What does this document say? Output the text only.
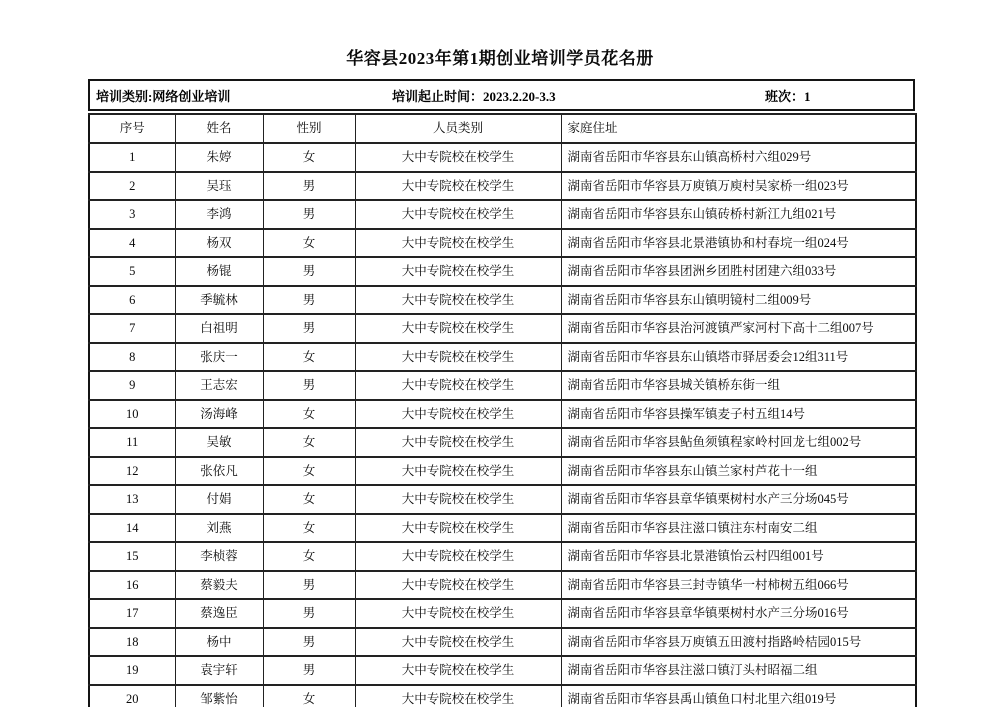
华容县2023年第1期创业培训学员花名册
培训类别:网络创业培训	培训起止时间：2023.2.20-3.3	班次：1
序号	姓名	性别	人员类别	家庭住址
1	朱婷	女	大中专院校在校学生	湖南省岳阳市华容县东山镇高桥村六组029号
2	吴珏	男	大中专院校在校学生	湖南省岳阳市华容县万庾镇万庾村吴家桥一组023号
3	李鸿	男	大中专院校在校学生	湖南省岳阳市华容县东山镇砖桥村新江九组021号
4	杨双	女	大中专院校在校学生	湖南省岳阳市华容县北景港镇协和村春垸一组024号
5	杨锟	男	大中专院校在校学生	湖南省岳阳市华容县团洲乡团胜村团建六组033号
6	季毓林	男	大中专院校在校学生	湖南省岳阳市华容县东山镇明镜村二组009号
7	白祖明	男	大中专院校在校学生	湖南省岳阳市华容县治河渡镇严家河村下高十二组007号
8	张庆一	女	大中专院校在校学生	湖南省岳阳市华容县东山镇塔市驿居委会12组311号
9	王志宏	男	大中专院校在校学生	湖南省岳阳市华容县城关镇桥东街一组
10	汤海峰	女	大中专院校在校学生	湖南省岳阳市华容县操军镇麦子村五组14号
11	吴敏	女	大中专院校在校学生	湖南省岳阳市华容县鲇鱼须镇程家岭村回龙七组002号
12	张依凡	女	大中专院校在校学生	湖南省岳阳市华容县东山镇兰家村芦花十一组
13	付娟	女	大中专院校在校学生	湖南省岳阳市华容县章华镇栗树村水产三分场045号
14	刘燕	女	大中专院校在校学生	湖南省岳阳市华容县注滋口镇注东村南安二组
15	李桢蓉	女	大中专院校在校学生	湖南省岳阳市华容县北景港镇怡云村四组001号
16	蔡毅夫	男	大中专院校在校学生	湖南省岳阳市华容县三封寺镇华一村柿树五组066号
17	蔡逸臣	男	大中专院校在校学生	湖南省岳阳市华容县章华镇栗树村水产三分场016号
18	杨中	男	大中专院校在校学生	湖南省岳阳市华容县万庾镇五田渡村指路岭桔园015号
19	袁宇轩	男	大中专院校在校学生	湖南省岳阳市华容县注滋口镇汀头村昭福二组
20	邹紫怡	女	大中专院校在校学生	湖南省岳阳市华容县禹山镇鱼口村北里六组019号
